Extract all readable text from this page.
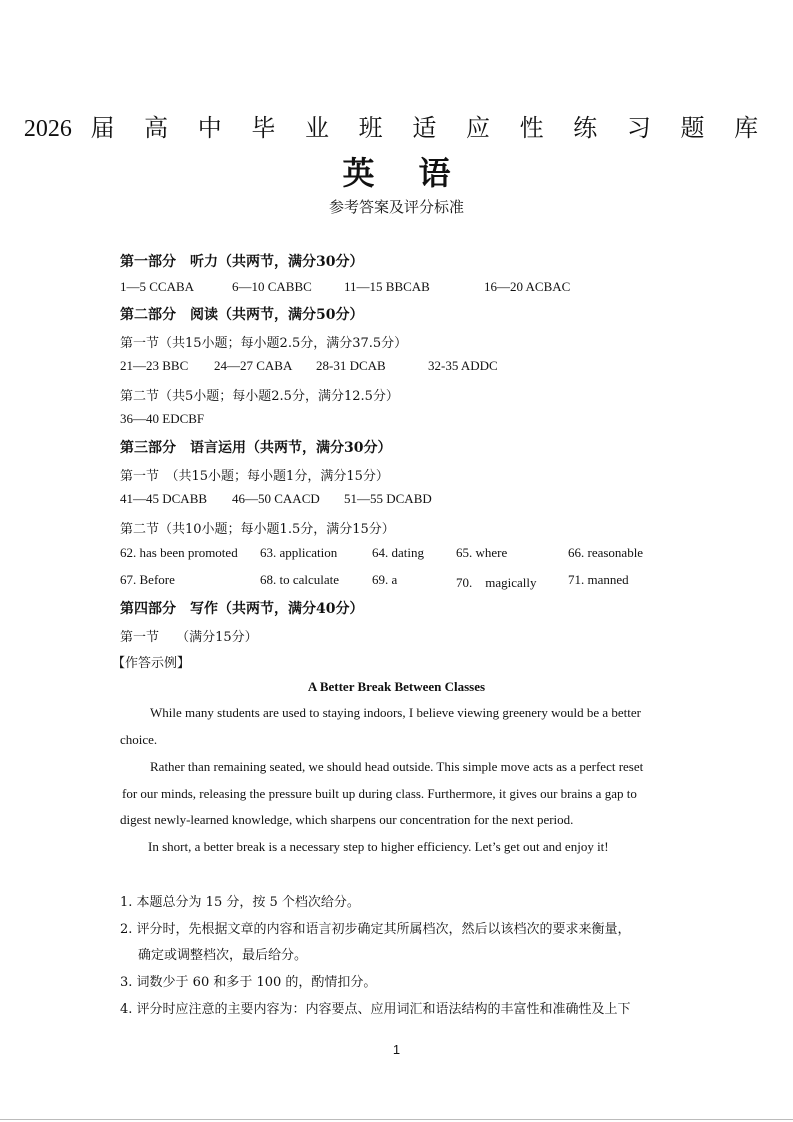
2026 届 高 中 毕 业 班 适 应 性 练 习 题 库
英 语
参考答案及评分标准
第一部分　听力（共两节，满分30分）
1—5 CCABA	6—10 CABBC 11—15 BBCAB	16—20 ACBAC
第二部分　阅读（共两节，满分50分）
第一节（共15小题；每小题2.5分，满分37.5分）
21—23 BBC 24—27 CABA 28-31 DCAB	32-35 ADDC
第二节（共5小题；每小题2.5分，满分12.5分）
36—40 EDCBF
第三部分　语言运用（共两节，满分30分）
第一节　（共15小题；每小题1分，满分15分）
41—45 DCABB 46—50 CAACD 51—55 DCABD
第二节（共10小题；每小题1.5分，满分15分）
62. has been promoted 63. application	64. dating 65. where	66. reasonable
67. Before	68. to calculate	69. a	70.　magically 71. manned
第四部分　写作（共两节，满分40分）
第一节　 （满分15分）
【作答示例】
A Better Break Between Classes
While many students are used to staying indoors, I believe viewing greenery would be a better
choice.
Rather than remaining seated, we should head outside. This simple move acts as a perfect reset
for our minds, releasing the pressure built up during class. Furthermore, it gives our brains a gap to
digest newly-learned knowledge, which sharpens our concentration for the next period.
In short, a better break is a necessary step to higher efficiency. Let’s get out and enjoy it!
1. 本题总分为 15 分，按 5 个档次给分。
2. 评分时，先根据文章的内容和语言初步确定其所属档次，然后以该档次的要求来衡量，
确定或调整档次，最后给分。
3. 词数少于 60 和多于 100 的，酌情扣分。
4. 评分时应注意的主要内容为：内容要点、应用词汇和语法结构的丰富性和准确性及上下
1
